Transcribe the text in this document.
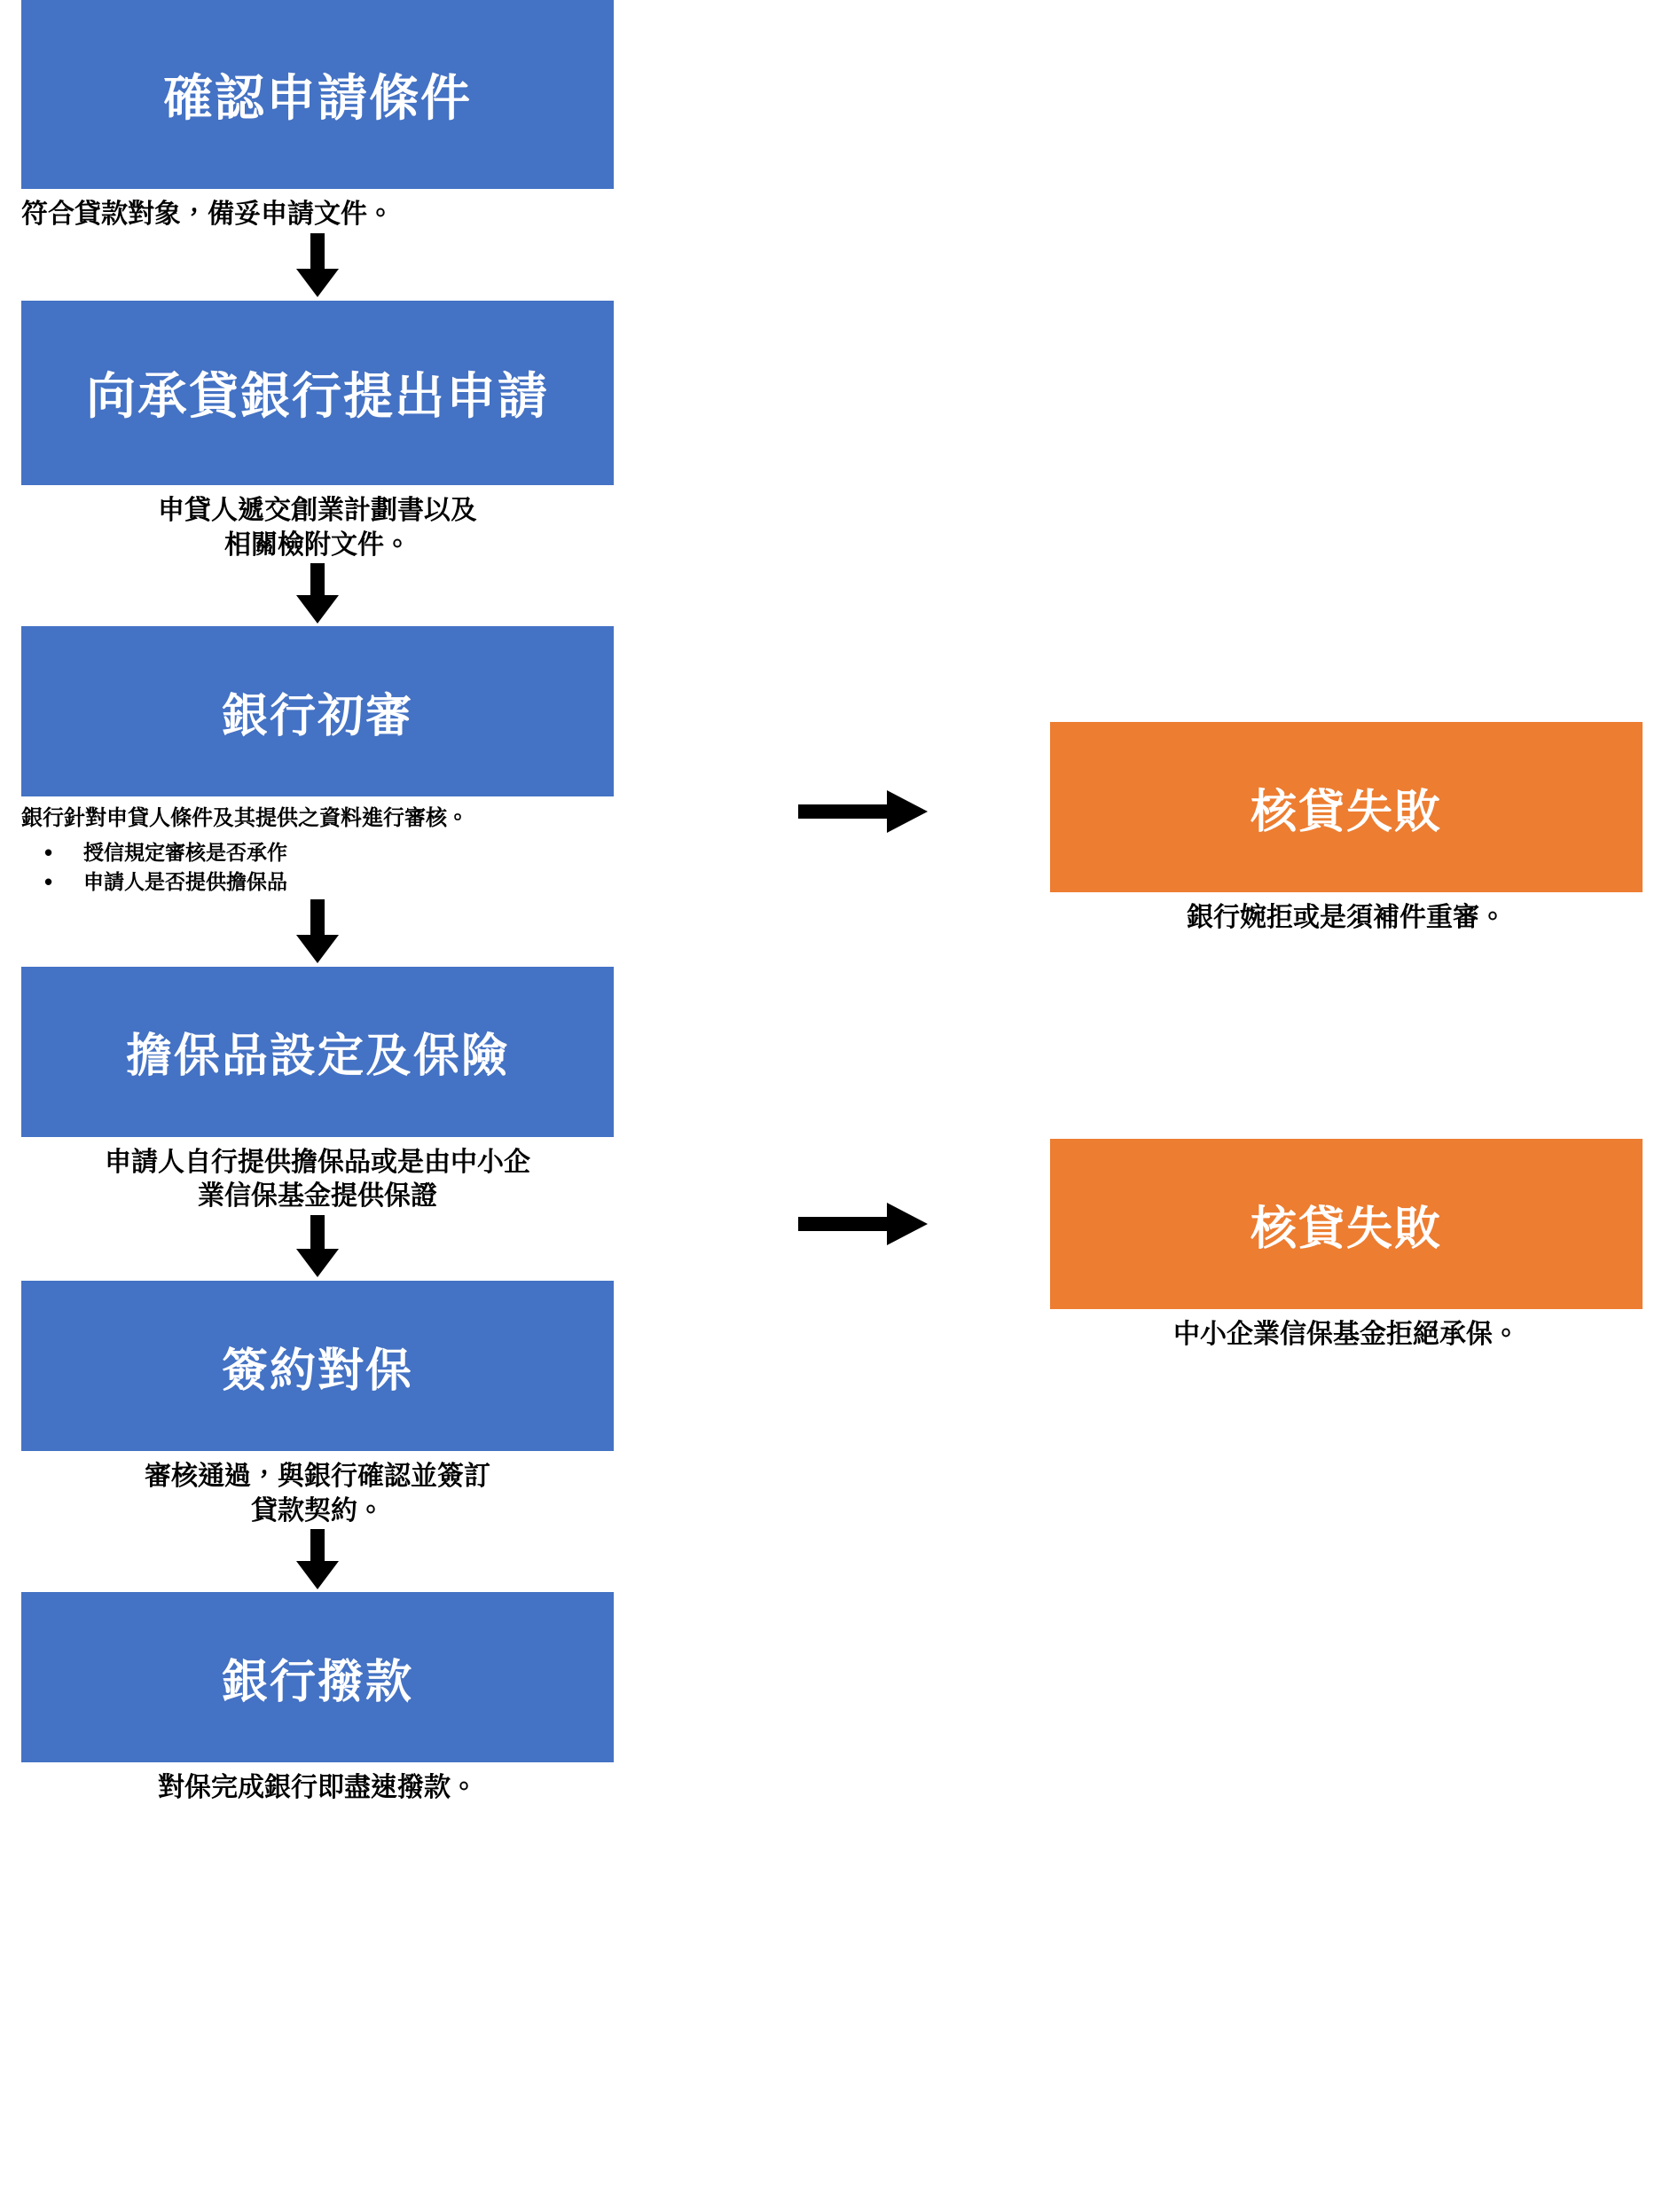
確認申請條件
符合貸款對象，備妥申請文件。
向承貸銀行提出申請
申貸人遞交創業計劃書以及
相關檢附文件。
銀行初審
銀行針對申貸人條件及其提供之資料進行審核。
• 授信規定審核是否承作
• 申請人是否提供擔保品
擔保品設定及保險
申請人自行提供擔保品或是由中小企
業信保基金提供保證
簽約對保
審核通過，與銀行確認並簽訂
貸款契約。
銀行撥款
對保完成銀行即盡速撥款。
核貸失敗
銀行婉拒或是須補件重審。
核貸失敗
中小企業信保基金拒絕承保。
